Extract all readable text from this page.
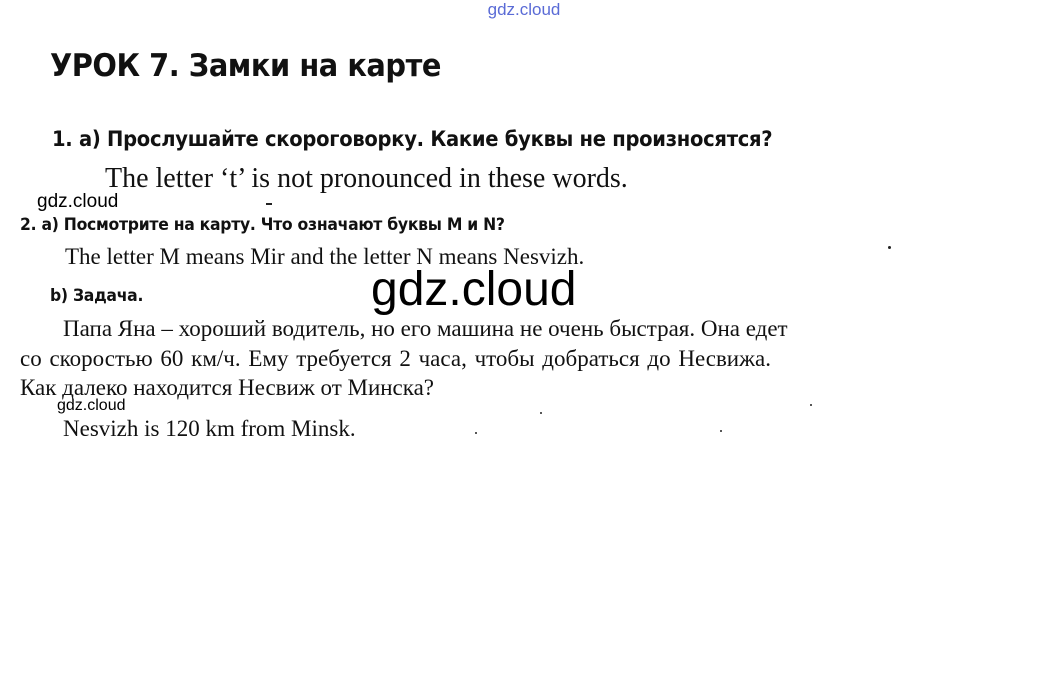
УРОК 7. Замки на карте
1. а) Прослушайте скороговорку. Какие буквы не произносятся?
The letter ‘t’ is not pronounced in these words.
2. а) Посмотрите на карту. Что означают буквы M и N?
The letter M means Mir and the letter N means Nesvizh.
b) Задача.
Папа Яна – хороший водитель, но его машина не очень быстрая. Она едет
со скоростью 60 км/ч. Ему требуется 2 часа, чтобы добраться до Несвижа.
Как далеко находится Несвиж от Минска?
Nesvizh is 120 km from Minsk.
gdz.cloud
gdz.cloud
gdz.cloud
gdz.cloud
